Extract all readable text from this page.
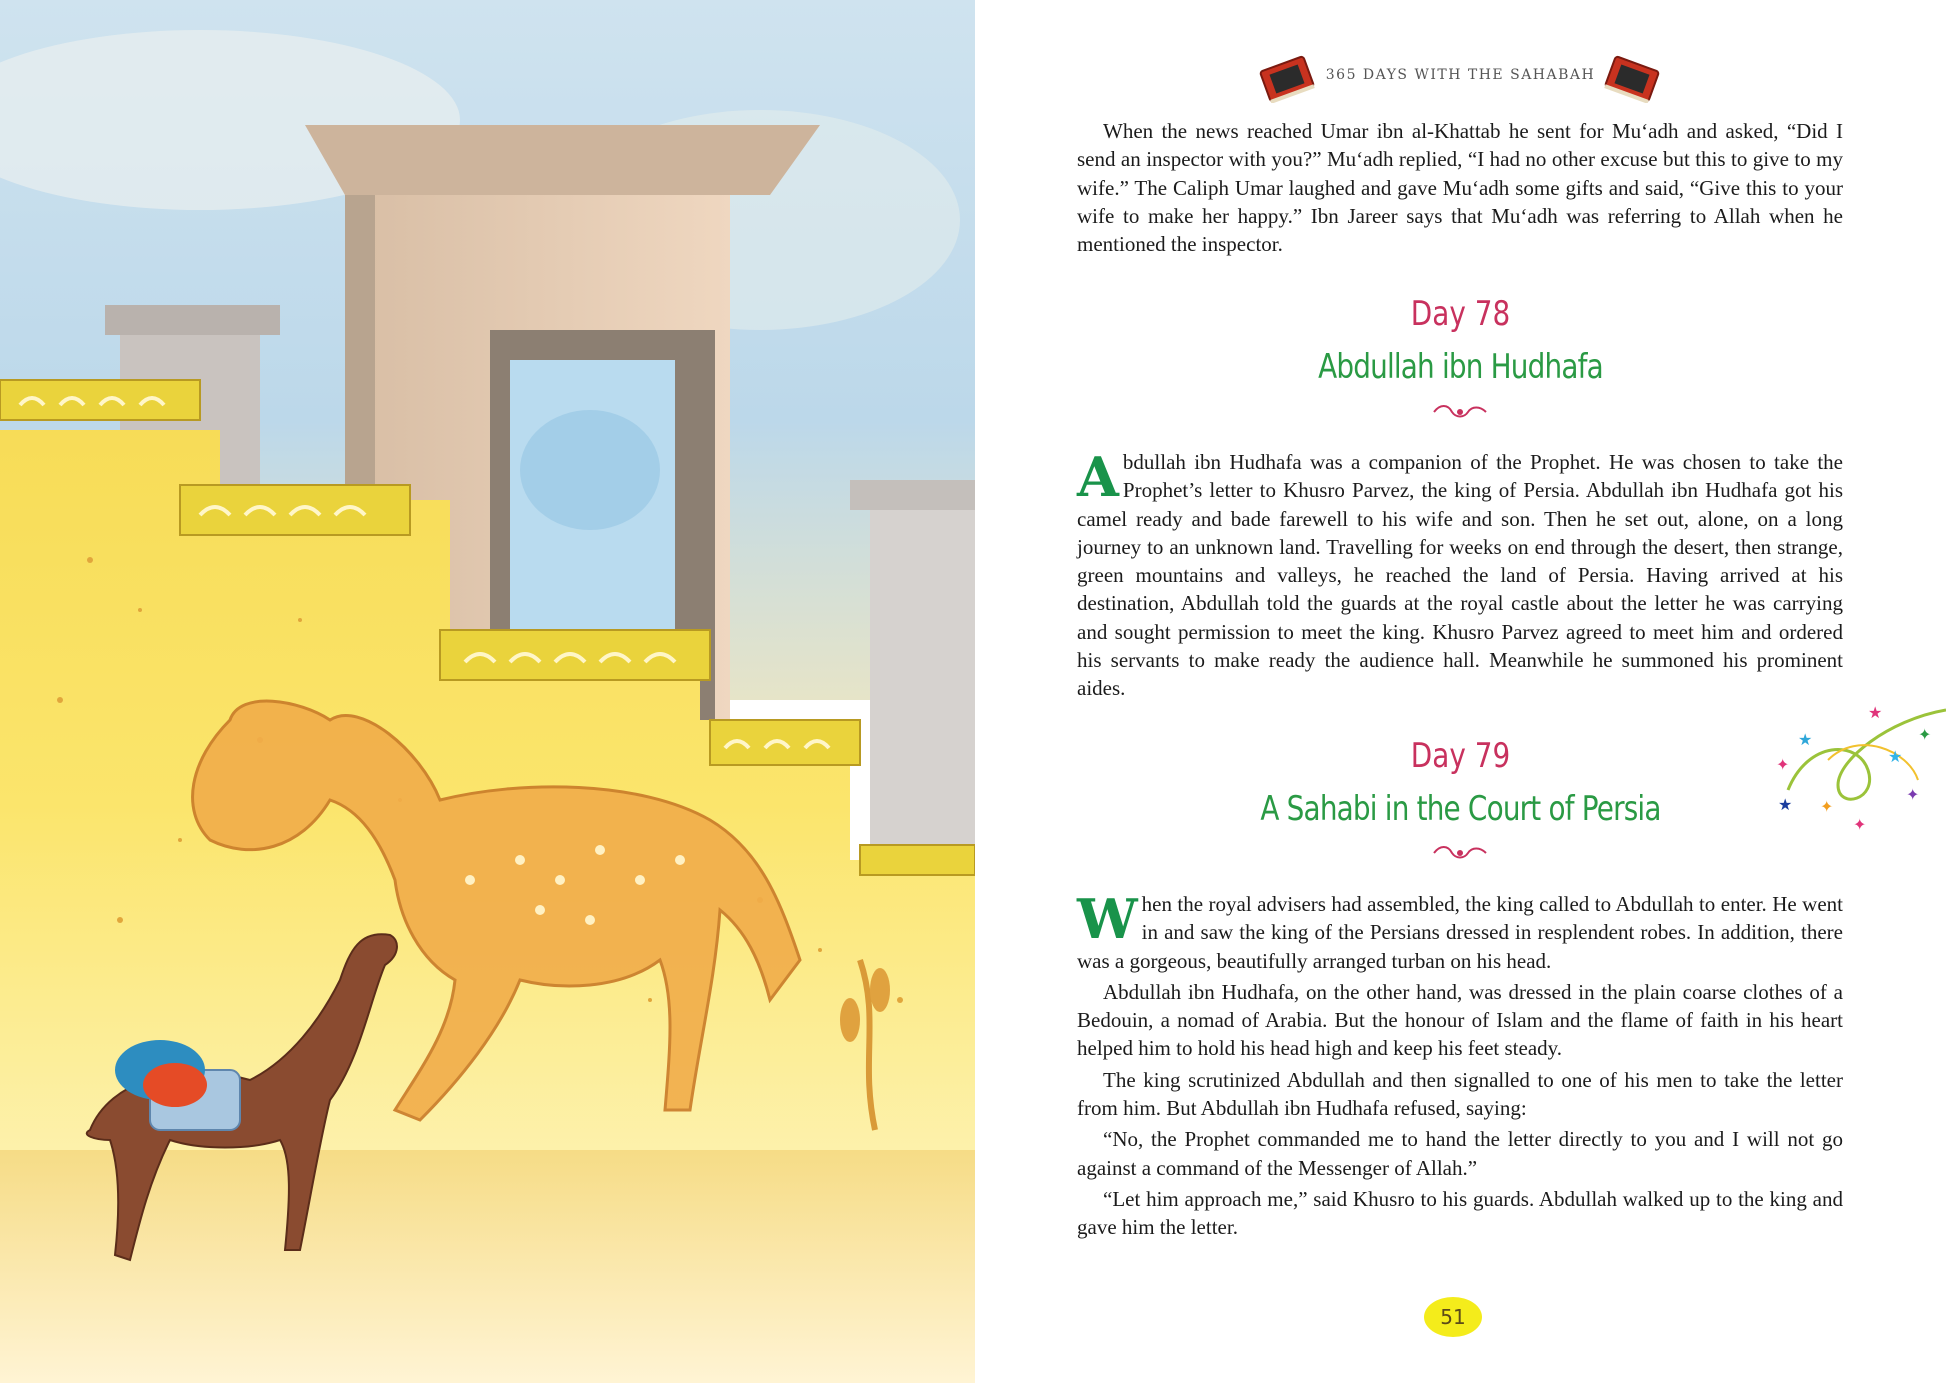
365 DAYS WITH THE SAHABAH

When the news reached Umar ibn al-Khattab he sent for Mu‘adh and asked, “Did I send an inspector with you?” Mu‘adh replied, “I had no other excuse but this to give to my wife.” The Caliph Umar laughed and gave Mu‘adh some gifts and said, “Give this to your wife to make her happy.” Ibn Jareer says that Mu‘adh was referring to Allah when he mentioned the inspector.

Day 78
Abdullah ibn Hudhafa

Abdullah ibn Hudhafa was a companion of the Prophet. He was chosen to take the Prophet’s letter to Khusro Parvez, the king of Persia. Abdullah ibn Hudhafa got his camel ready and bade farewell to his wife and son. Then he set out, alone, on a long journey to an unknown land. Travelling for weeks on end through the desert, then strange, green mountains and valleys, he reached the land of Persia. Having arrived at his destination, Abdullah told the guards at the royal castle about the letter he was carrying and sought permission to meet the king. Khusro Parvez agreed to meet him and ordered his servants to make ready the audience hall. Meanwhile he summoned his prominent aides.

Day 79
A Sahabi in the Court of Persia

When the royal advisers had assembled, the king called to Abdullah to enter. He went in and saw the king of the Persians dressed in resplendent robes. In addition, there was a gorgeous, beautifully arranged turban on his head.

Abdullah ibn Hudhafa, on the other hand, was dressed in the plain coarse clothes of a Bedouin, a nomad of Arabia. But the honour of Islam and the flame of faith in his heart helped him to hold his head high and keep his feet steady.

The king scrutinized Abdullah and then signalled to one of his men to take the letter from him. But Abdullah ibn Hudhafa refused, saying:

“No, the Prophet commanded me to hand the letter directly to you and I will not go against a command of the Messenger of Allah.”

“Let him approach me,” said Khusro to his guards. Abdullah walked up to the king and gave him the letter.

✦
★
✦
★
✦
★
✦
✦
★
51
